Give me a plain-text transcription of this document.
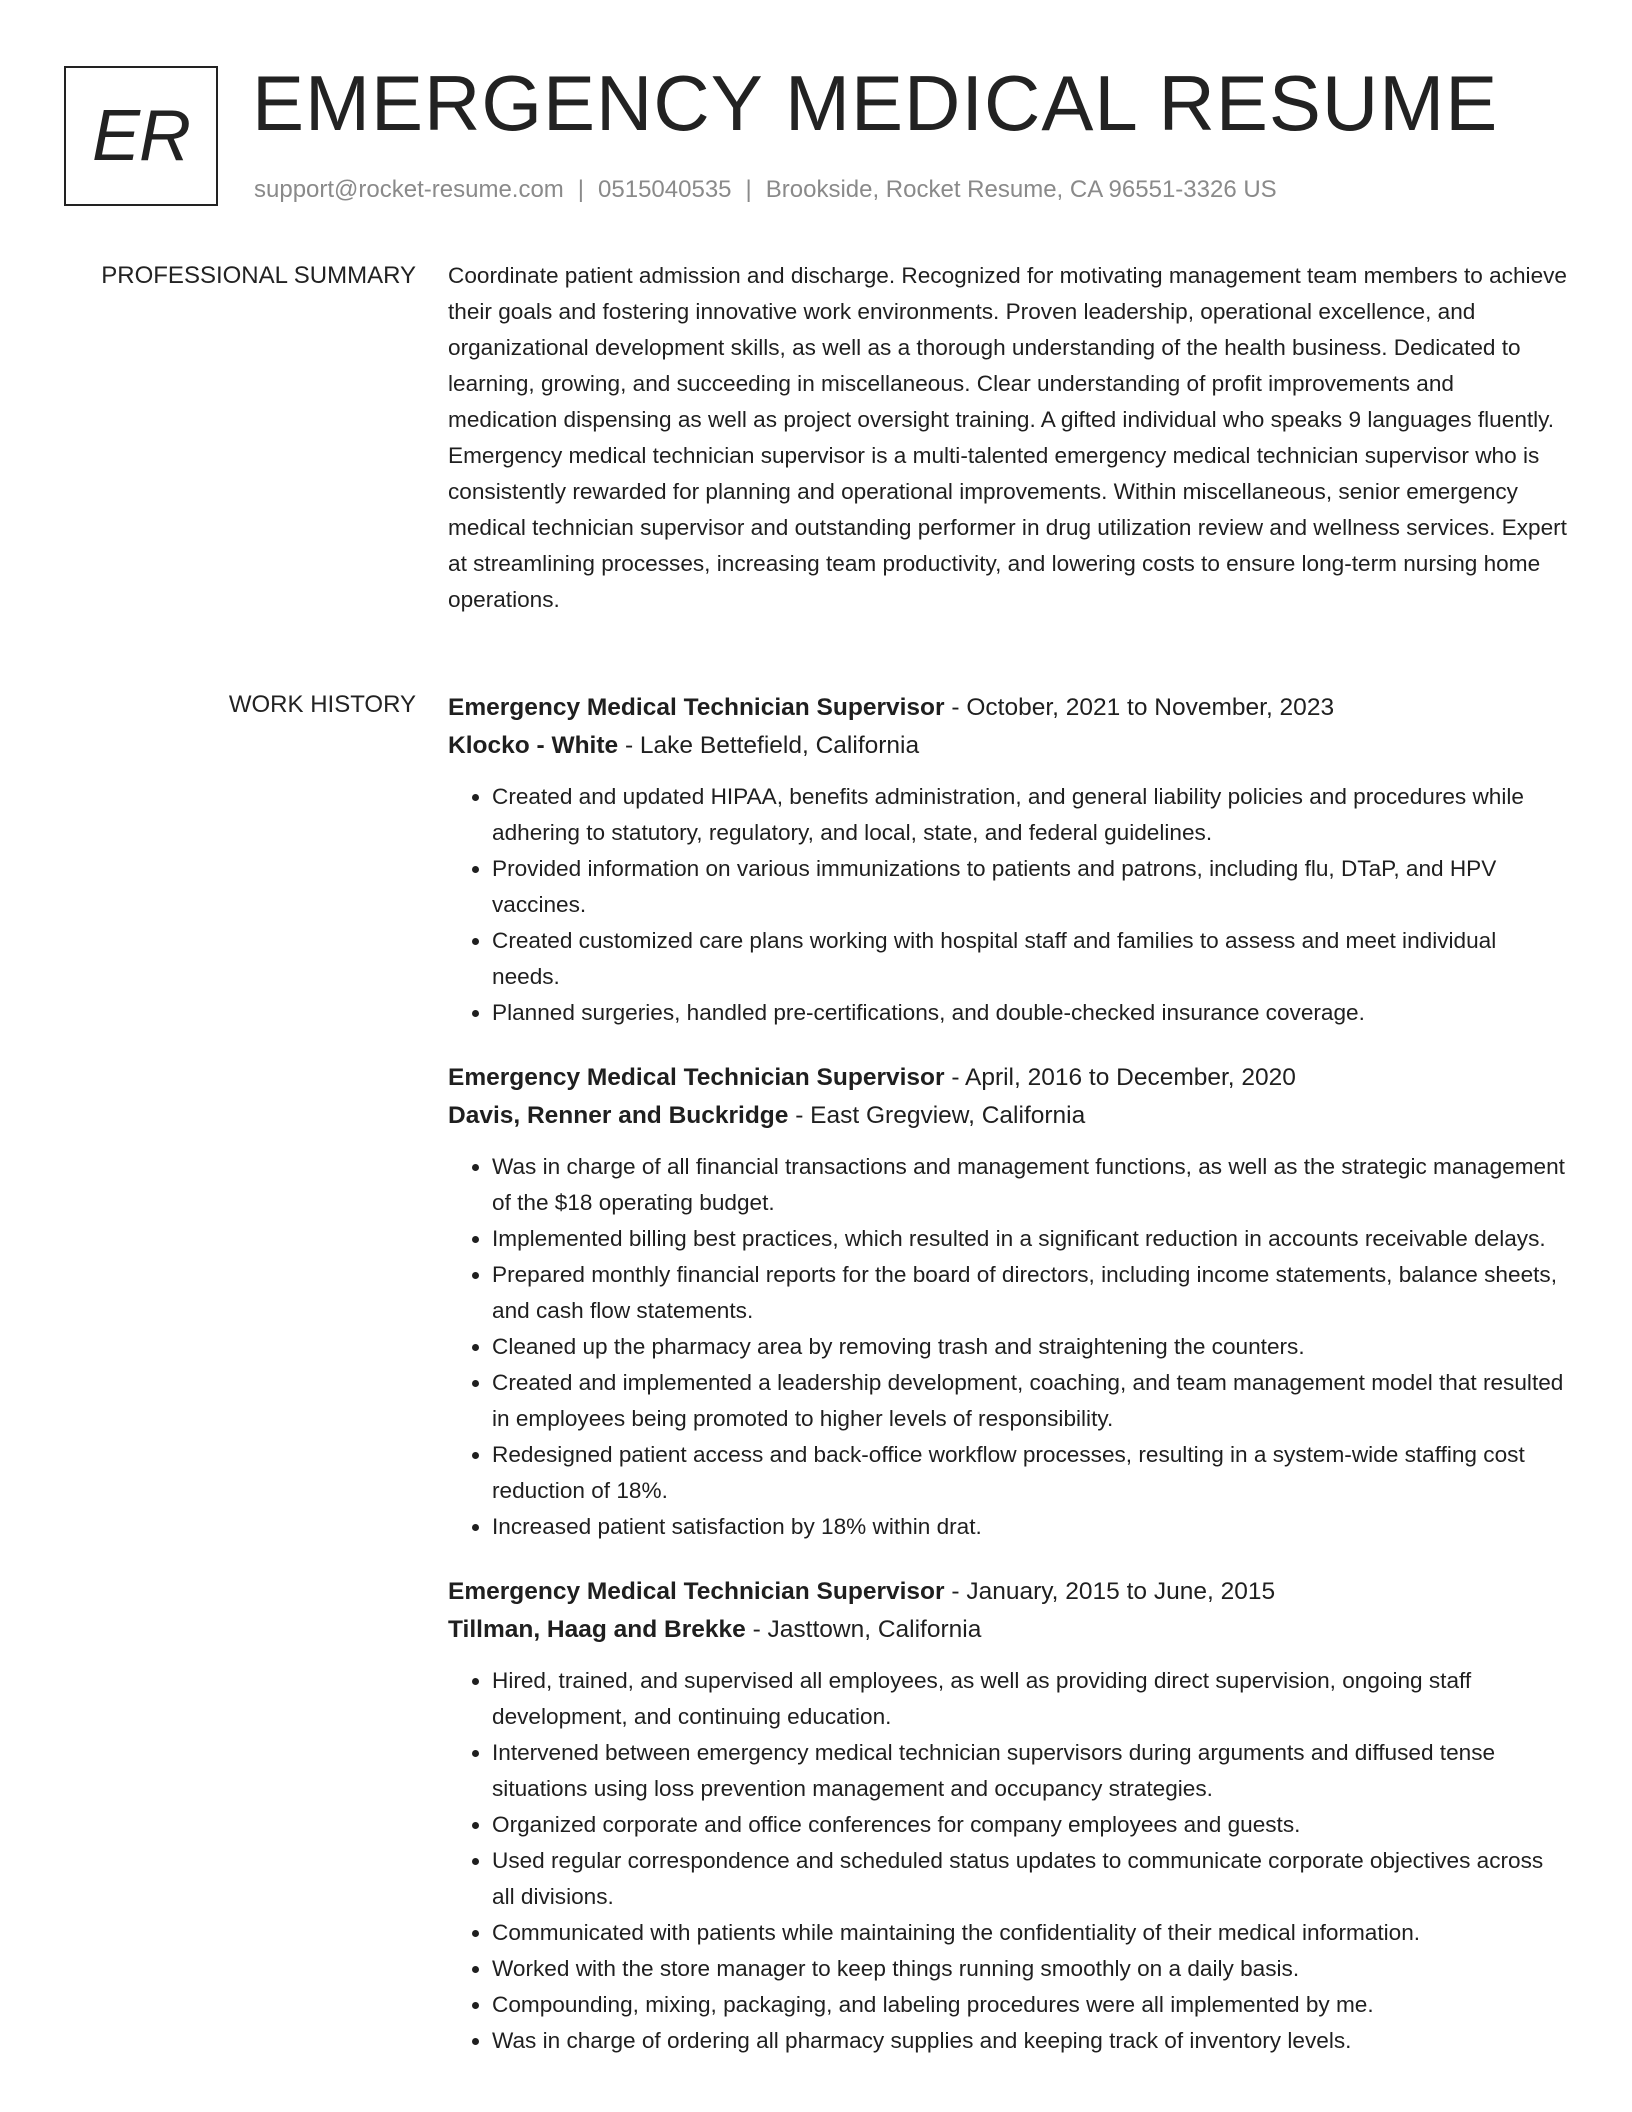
ER EMERGENCY MEDICAL RESUME
support@rocket-resume.com | 0515040535 | Brookside, Rocket Resume, CA 96551-3326 US
PROFESSIONAL SUMMARY Coordinate patient admission and discharge. Recognized for motivating management team members to achieve their goals and fostering innovative work environments. Proven leadership, operational excellence, and organizational development skills, as well as a thorough understanding of the health business. Dedicated to learning, growing, and succeeding in miscellaneous. Clear understanding of profit improvements and medication dispensing as well as project oversight training. A gifted individual who speaks 9 languages fluently. Emergency medical technician supervisor is a multi-talented emergency medical technician supervisor who is consistently rewarded for planning and operational improvements. Within miscellaneous, senior emergency medical technician supervisor and outstanding performer in drug utilization review and wellness services. Expert at streamlining processes, increasing team productivity, and lowering costs to ensure long-term nursing home operations.

WORK HISTORY Emergency Medical Technician Supervisor - October, 2021 to November, 2023
Klocko - White - Lake Bettefield, California
• Created and updated HIPAA, benefits administration, and general liability policies and procedures while adhering to statutory, regulatory, and local, state, and federal guidelines.
• Provided information on various immunizations to patients and patrons, including flu, DTaP, and HPV vaccines.
• Created customized care plans working with hospital staff and families to assess and meet individual needs.
• Planned surgeries, handled pre-certifications, and double-checked insurance coverage.
Emergency Medical Technician Supervisor - April, 2016 to December, 2020
Davis, Renner and Buckridge - East Gregview, California
• Was in charge of all financial transactions and management functions, as well as the strategic management of the $18 operating budget.
• Implemented billing best practices, which resulted in a significant reduction in accounts receivable delays.
• Prepared monthly financial reports for the board of directors, including income statements, balance sheets, and cash flow statements.
• Cleaned up the pharmacy area by removing trash and straightening the counters.
• Created and implemented a leadership development, coaching, and team management model that resulted in employees being promoted to higher levels of responsibility.
• Redesigned patient access and back-office workflow processes, resulting in a system-wide staffing cost reduction of 18%.
• Increased patient satisfaction by 18% within drat.
Emergency Medical Technician Supervisor - January, 2015 to June, 2015
Tillman, Haag and Brekke - Jasttown, California
• Hired, trained, and supervised all employees, as well as providing direct supervision, ongoing staff development, and continuing education.
• Intervened between emergency medical technician supervisors during arguments and diffused tense situations using loss prevention management and occupancy strategies.
• Organized corporate and office conferences for company employees and guests.
• Used regular correspondence and scheduled status updates to communicate corporate objectives across all divisions.
• Communicated with patients while maintaining the confidentiality of their medical information.
• Worked with the store manager to keep things running smoothly on a daily basis.
• Compounding, mixing, packaging, and labeling procedures were all implemented by me.
• Was in charge of ordering all pharmacy supplies and keeping track of inventory levels.
